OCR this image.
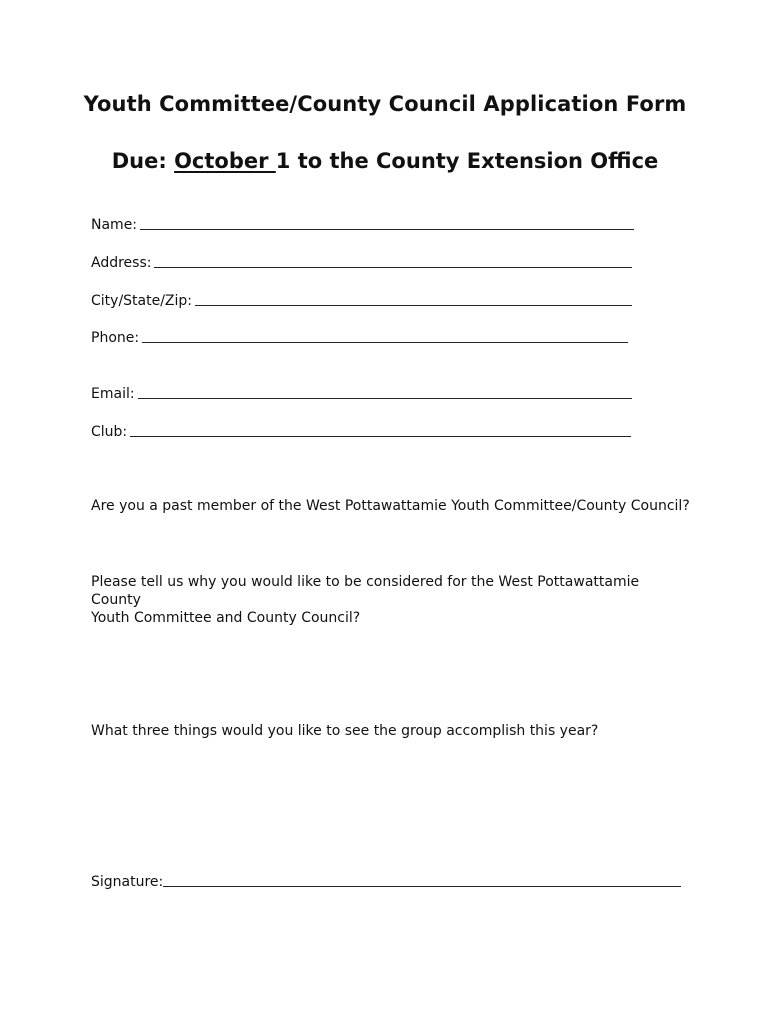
Youth Committee/County Council Application Form
Due: October 1 to the County Extension Office
Name:
Address:
City/State/Zip:
Phone:
Email:
Club:
Are you a past member of the West Pottawattamie Youth Committee/County Council?
Please tell us why you would like to be considered for the West Pottawattamie County
Youth Committee and County Council?
What three things would you like to see the group accomplish this year?
Signature:
